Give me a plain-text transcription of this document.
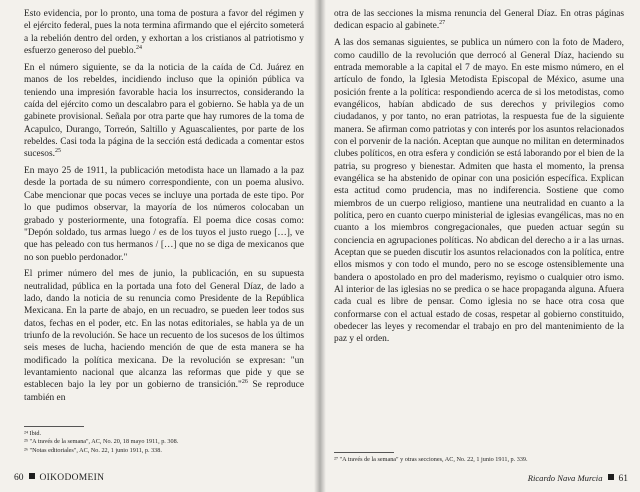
Esto evidencia, por lo pronto, una toma de postura a favor del régimen y el ejército federal, pues la nota termina afirmando que el ejército someterá a la rebelión dentro del orden, y exhortan a los cristianos al patriotismo y esfuerzo generoso del pueblo.$^{24}$

En el número siguiente, se da la noticia de la caída de Cd. Juárez en manos de los rebeldes, incidiendo incluso que la opinión pública va teniendo una impresión favorable hacia los insurrectos, considerando la caída del ejército como un descalabro para el gobierno. Se habla ya de un gabinete provisional. Señala por otra parte que hay rumores de la toma de Acapulco, Durango, Torreón, Saltillo y Aguascalientes, por parte de los rebeldes. Casi toda la página de la sección está dedicada a comentar estos sucesos.$^{25}$

En mayo 25 de 1911, la publicación metodista hace un llamado a la paz desde la portada de su número correspondiente, con un poema alusivo. Cabe mencionar que pocas veces se incluye una portada de este tipo. Por lo que pudimos observar, la mayoría de los números colocaban un grabado y posteriormente, una fotografía. El poema dice cosas como: "Depón soldado, tus armas luego / es de los tuyos el justo ruego […], ve que has peleado con tus hermanos / […] que no se diga de mexicanos que no son pueblo perdonador."

El primer número del mes de junio, la publicación, en su supuesta neutralidad, pública en la portada una foto del General Díaz, de lado a lado, dando la noticia de su renuncia como Presidente de la República Mexicana. En la parte de abajo, en un recuadro, se pueden leer todos sus datos, fechas en el poder, etc. En las notas editoriales, se habla ya de un triunfo de la revolución. Se hace un recuento de los sucesos de los últimos seis meses de lucha, haciendo mención de que de esta manera se ha modificado la política mexicana. De la revolución se expresan: "un levantamiento nacional que alcanza las reformas que pide y que se establecen bajo la ley por un gobierno de transición."$^{26}$ Se reproduce también en

²⁴ Ibid.
²⁵ "A través de la semana", AC, No. 20, 18 mayo 1911, p. 308.
²⁶ "Notas editoriales", AC, No. 22, 1 junio 1911, p. 338.
60 OIKODOMEIN

otra de las secciones la misma renuncia del General Díaz. En otras páginas dedican espacio al gabinete.$^{27}$

A las dos semanas siguientes, se publica un número con la foto de Madero, como caudillo de la revolución que derrocó al General Díaz, haciendo su entrada memorable a la capital el 7 de mayo. En este mismo número, en el artículo de fondo, la Iglesia Metodista Episcopal de México, asume una posición frente a la política: respondiendo acerca de si los metodistas, como evangélicos, habían abdicado de sus derechos y privilegios como ciudadanos, y por tanto, no eran patriotas, la respuesta fue de la siguiente manera. Se afirman como patriotas y con interés por los asuntos relacionados con el porvenir de la nación. Aceptan que aunque no militan en determinados clubes políticos, en otra esfera y condición se está laborando por el bien de la patria, su progreso y bienestar. Admiten que hasta el momento, la prensa evangélica se ha abstenido de opinar con una posición específica. Explican esta actitud como prudencia, mas no indiferencia. Sostiene que como miembros de un cuerpo religioso, mantiene una neutralidad en cuanto a la política, pero en cuanto cuerpo ministerial de iglesias evangélicas, mas no en cuanto a los miembros congregacionales, que pueden actuar según su conciencia en agrupaciones políticas. No abdican del derecho a ir a las urnas. Aceptan que se pueden discutir los asuntos relacionados con la política, entre ellos mismos y con todo el mundo, pero no se escoge ostensiblemente una bandera o apostolado en pro del maderismo, reyismo o cualquier otro ismo. Al interior de las iglesias no se predica o se hace propaganda alguna. Afuera cada cual es libre de pensar. Como iglesia no se hace otra cosa que conformarse con el actual estado de cosas, respetar al gobierno constituido, obedecer las leyes y recomendar el trabajo en pro del mantenimiento de la paz y el orden.

²⁷ "A través de la semana" y otras secciones, AC, No. 22, 1 junio 1911, p. 339.
Ricardo Nava Murcia 61
